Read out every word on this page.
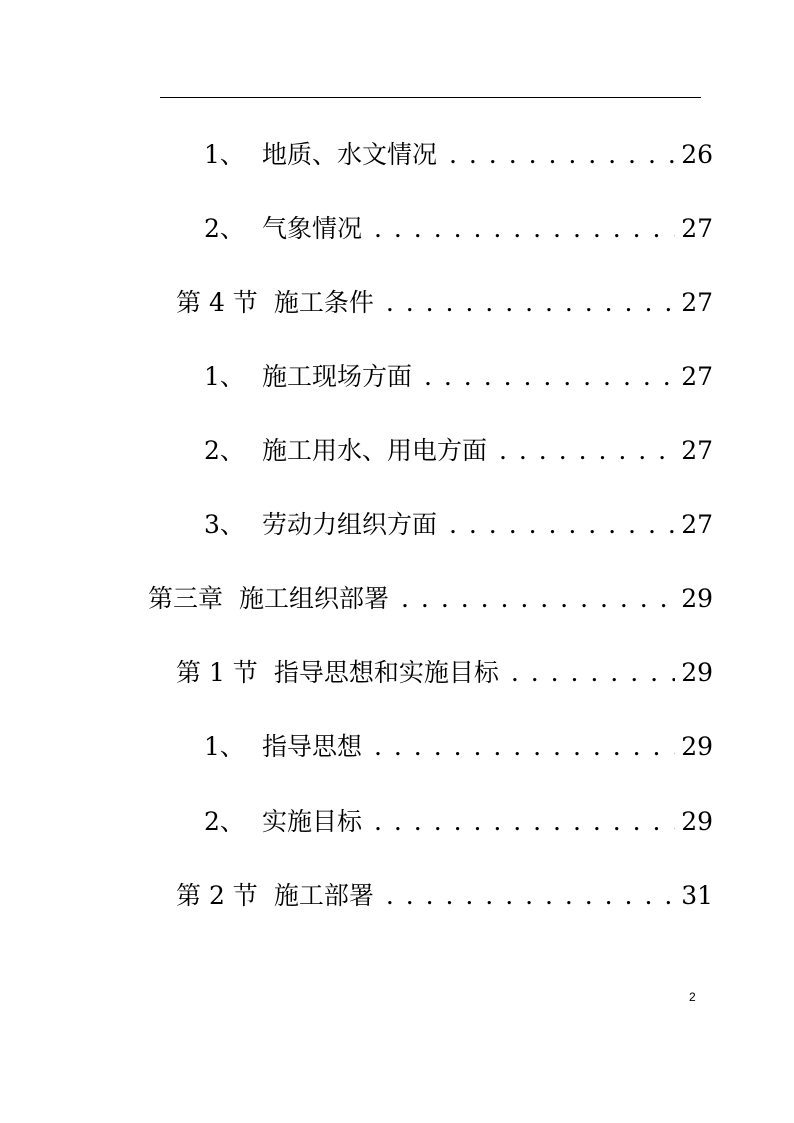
1、 地质、水文情况 . . .	26
2、 气象情况 . . .	27
第 4 节 施工条件 . . .	27
1、 施工现场方面 . . .	27
2、 施工用水、用电方面 . . .	27
3、 劳动力组织方面 . . .	27
第三章 施工组织部署 . . .	29
第 1 节 指导思想和实施目标 . . .	29
1、 指导思想 . . .	29
2、 实施目标 . . .	29
第 2 节 施工部署 . . .	31
2
